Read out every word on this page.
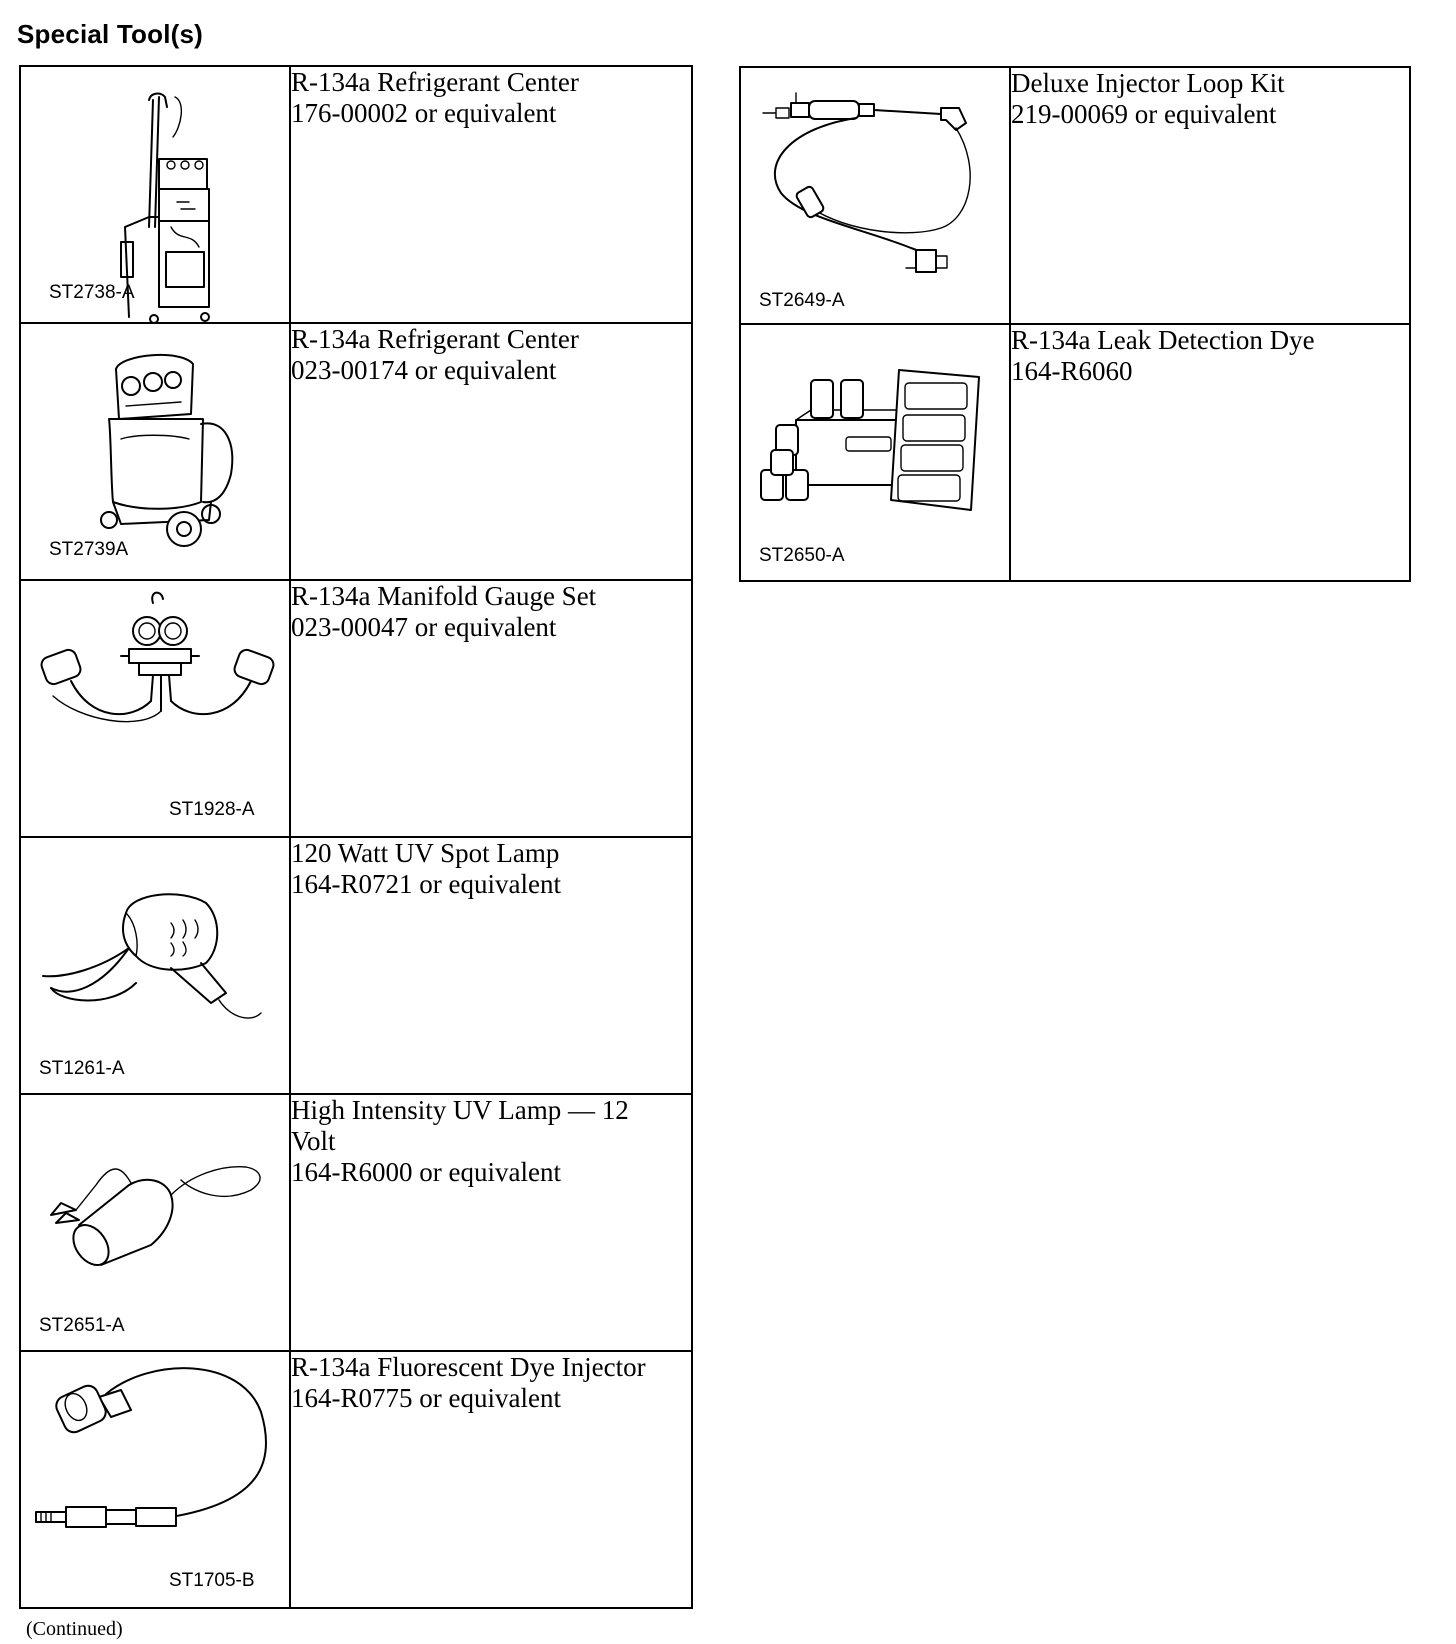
Special Tool(s)
ST2738-A	R-134a Refrigerant Center
176-00002 or equivalent

ST2739A	R-134a Refrigerant Center
023-00174 or equivalent

ST1928-A	R-134a Manifold Gauge Set
023-00047 or equivalent

ST1261-A	120 Watt UV Spot Lamp
164-R0721 or equivalent

ST2651-A	High Intensity UV Lamp — 12
Volt
164-R6000 or equivalent

ST1705-B	R-134a Fluorescent Dye Injector
164-R0775 or equivalent
ST2649-A	Deluxe Injector Loop Kit
219-00069 or equivalent

ST2650-A	R-134a Leak Detection Dye
164-R6060
(Continued)
